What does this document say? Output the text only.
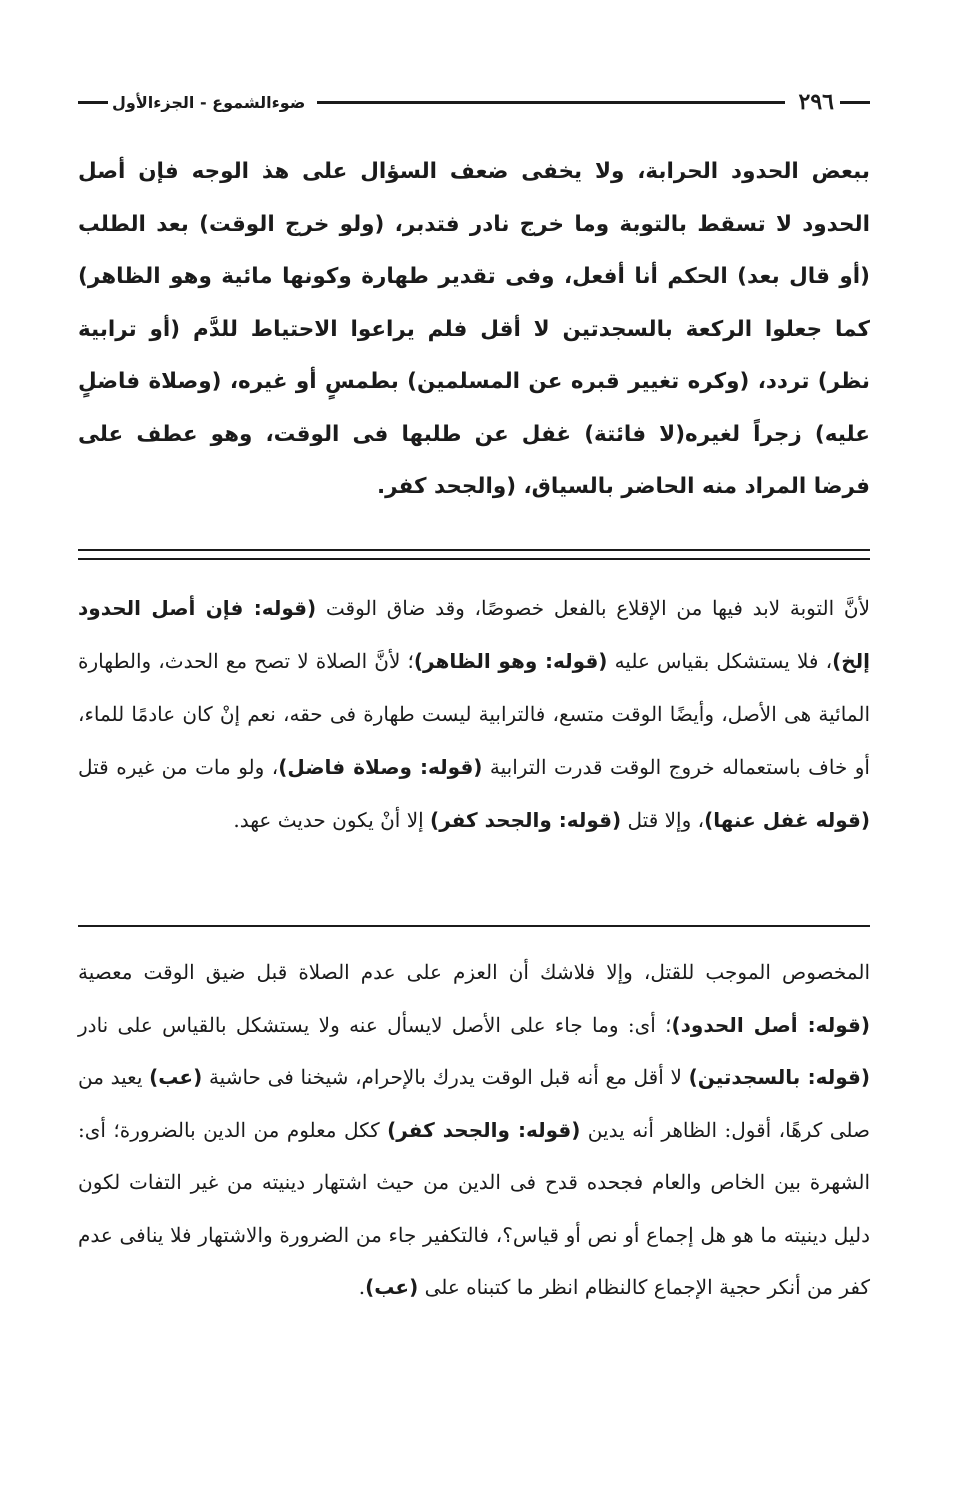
٢٩٦
ضوءالشموع - الجزءالأول

ببعض الحدود الحرابة، ولا يخفى ضعف السؤال على هذ الوجه فإن أصل الحدود لا تسقط بالتوبة وما خرج نادر فتدبر، (ولو خرج الوقت) بعد الطلب (أو قال بعد) الحكم أنا أفعل، وفى تقدير طهارة وكونها مائية وهو الظاهر) كما جعلوا الركعة بالسجدتين لا أقل فلم يراعوا الاحتياط للدَّم (أو ترابية نظر) تردد، (وكره تغيير قبره عن المسلمين) بطمسٍ أو غيره، (وصلاة فاضلٍ عليه) زجراً لغيره(لا فائتة) غفل عن طلبها فى الوقت، وهو عطف على فرضا المراد منه الحاضر بالسياق، (والجحد كفر.

لأنَّ التوبة لابد فيها من الإقلاع بالفعل خصوصًا، وقد ضاق الوقت (قوله: فإن أصل الحدود إلخ)، فلا يستشكل بقياس عليه (قوله: وهو الظاهر)؛ لأنَّ الصلاة لا تصح مع الحدث، والطهارة المائية هى الأصل، وأيضًا الوقت متسع، فالترابية ليست طهارة فى حقه، نعم إنْ كان عادمًا للماء، أو خاف باستعماله خروج الوقت قدرت الترابية (قوله: وصلاة فاضل)، ولو مات من غيره قتل (قوله غفل عنها)، وإلا قتل (قوله: والجحد كفر) إلا أنْ يكون حديث عهد.

المخصوص الموجب للقتل، وإلا فلاشك أن العزم على عدم الصلاة قبل ضيق الوقت معصية (قوله: أصل الحدود)؛ أى: وما جاء على الأصل لايسأل عنه ولا يستشكل بالقياس على نادر (قوله: بالسجدتين) لا أقل مع أنه قبل الوقت يدرك بالإحرام، شيخنا فى حاشية (عب) يعيد من صلى كرهًا، أقول: الظاهر أنه يدين (قوله: والجحد كفر) ككل معلوم من الدين بالضرورة؛ أى: الشهرة بين الخاص والعام فجحده قدح فى الدين من حيث اشتهار دينيته من غير التفات لكون دليل دينيته ما هو هل إجماع أو نص أو قياس؟، فالتكفير جاء من الضرورة والاشتهار فلا ينافى عدم كفر من أنكر حجية الإجماع كالنظام انظر ما كتبناه على (عب).
